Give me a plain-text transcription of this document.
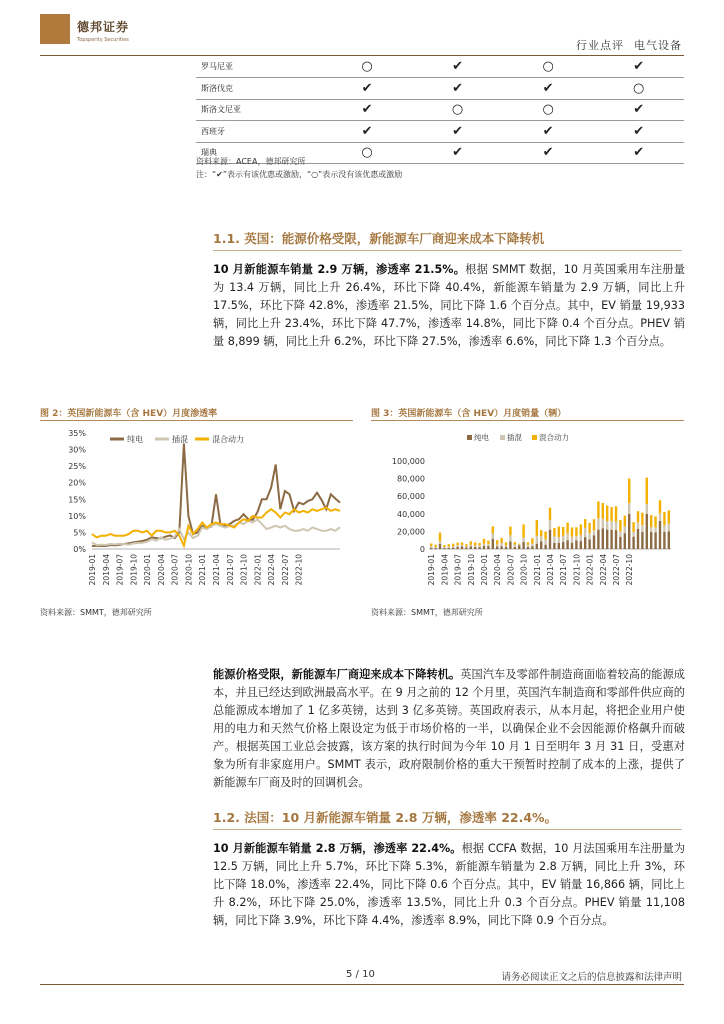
德邦证券
Topsperity Securities	行业点评 电气设备
罗马尼亚	○	✔	○	✔
斯洛伐克	✔	✔	✔	○
斯洛文尼亚	✔	○	○	✔
西班牙	✔	✔	✔	✔
瑞典	○	✔	✔	✔
资料来源：ACEA，德邦研究所
注：“✔”表示有该优惠或激励，“○”表示没有该优惠或激励
1.1. 英国：能源价格受限，新能源车厂商迎来成本下降转机
10 月新能源车销量 2.9 万辆，渗透率 21.5%。根据 SMMT 数据，10 月英国乘用车注册量为 13.4 万辆，同比上升 26.4%，环比下降 40.4%，新能源车销量为 2.9 万辆，同比上升 17.5%，环比下降 42.8%，渗透率 21.5%，同比下降 1.6 个百分点。其中，EV 销量 19,933 辆，同比上升 23.4%，环比下降 47.7%，渗透率 14.8%，同比下降 0.4 个百分点。PHEV 销量 8,899 辆，同比上升 6.2%，环比下降 27.5%，渗透率 6.6%，同比下降 1.3 个百分点。
图 2：英国新能源车（含 HEV）月度渗透率
0%
5%
10%
15%
20%
25%
30%
35%
2019-01 2019-04 2019-07 2019-10 2020-01 2020-04 2020-07 2020-10 2021-01 2021-04 2021-07 2021-10 2022-01 2022-04 2022-07 2022-10
纯电	插混	混合动力
资料来源：SMMT，德邦研究所
图 3：英国新能源车（含 HEV）月度销量（辆）
0
20,000
40,000
60,000
80,000
100,000
2019-01 2019-04 2019-07 2019-10 2020-01 2020-04 2020-07 2020-10 2021-01 2021-04 2021-07 2021-10 2022-01 2022-04 2022-07 2022-10
纯电 插混 混合动力
资料来源：SMMT，德邦研究所
能源价格受限，新能源车厂商迎来成本下降转机。英国汽车及零部件制造商面临着较高的能源成本，并且已经达到欧洲最高水平。在 9 月之前的 12 个月里，英国汽车制造商和零部件供应商的总能源成本增加了 1 亿多英镑，达到 3 亿多英镑。英国政府表示，从本月起，将把企业用户使用的电力和天然气价格上限设定为低于市场价格的一半，以确保企业不会因能源价格飙升而破产。根据英国工业总会披露，该方案的执行时间为今年 10 月 1 日至明年 3 月 31 日，受惠对象为所有非家庭用户。SMMT 表示，政府限制价格的重大干预暂时控制了成本的上涨，提供了新能源车厂商及时的回调机会。
1.2. 法国：10 月新能源车销量 2.8 万辆，渗透率 22.4%。
10 月新能源车销量 2.8 万辆，渗透率 22.4%。根据 CCFA 数据，10 月法国乘用车注册量为 12.5 万辆，同比上升 5.7%，环比下降 5.3%，新能源车销量为 2.8 万辆，同比上升 3%，环比下降 18.0%，渗透率 22.4%，同比下降 0.6 个百分点。其中，EV 销量 16,866 辆，同比上升 8.2%，环比下降 25.0%，渗透率 13.5%，同比上升 0.3 个百分点。PHEV 销量 11,108 辆，同比下降 3.9%，环比下降 4.4%，渗透率 8.9%，同比下降 0.9 个百分点。
5 / 10	请务必阅读正文之后的信息披露和法律声明
